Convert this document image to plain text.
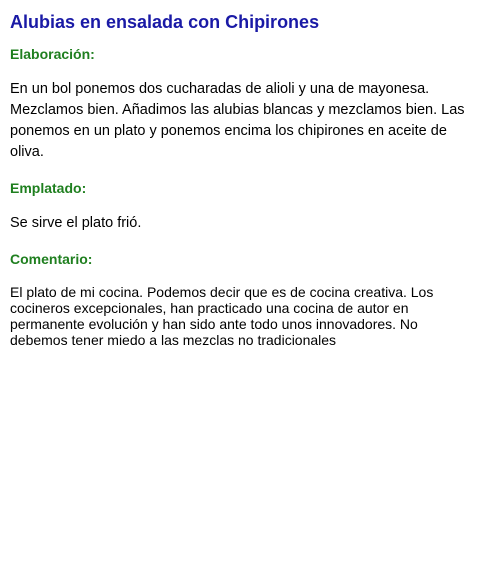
Alubias en ensalada con Chipirones
Elaboración:

En un bol ponemos dos cucharadas de alioli y una de mayonesa. Mezclamos bien. Añadimos las alubias blancas y mezclamos bien. Las ponemos en un plato y ponemos encima los chipirones en aceite de oliva.

Emplatado:

Se sirve el plato frió.

Comentario:

El plato de mi cocina. Podemos decir que es de cocina creativa. Los cocineros excepcionales, han practicado una cocina de autor en permanente evolución y han sido ante todo unos innovadores. No debemos tener miedo a las mezclas no tradicionales
